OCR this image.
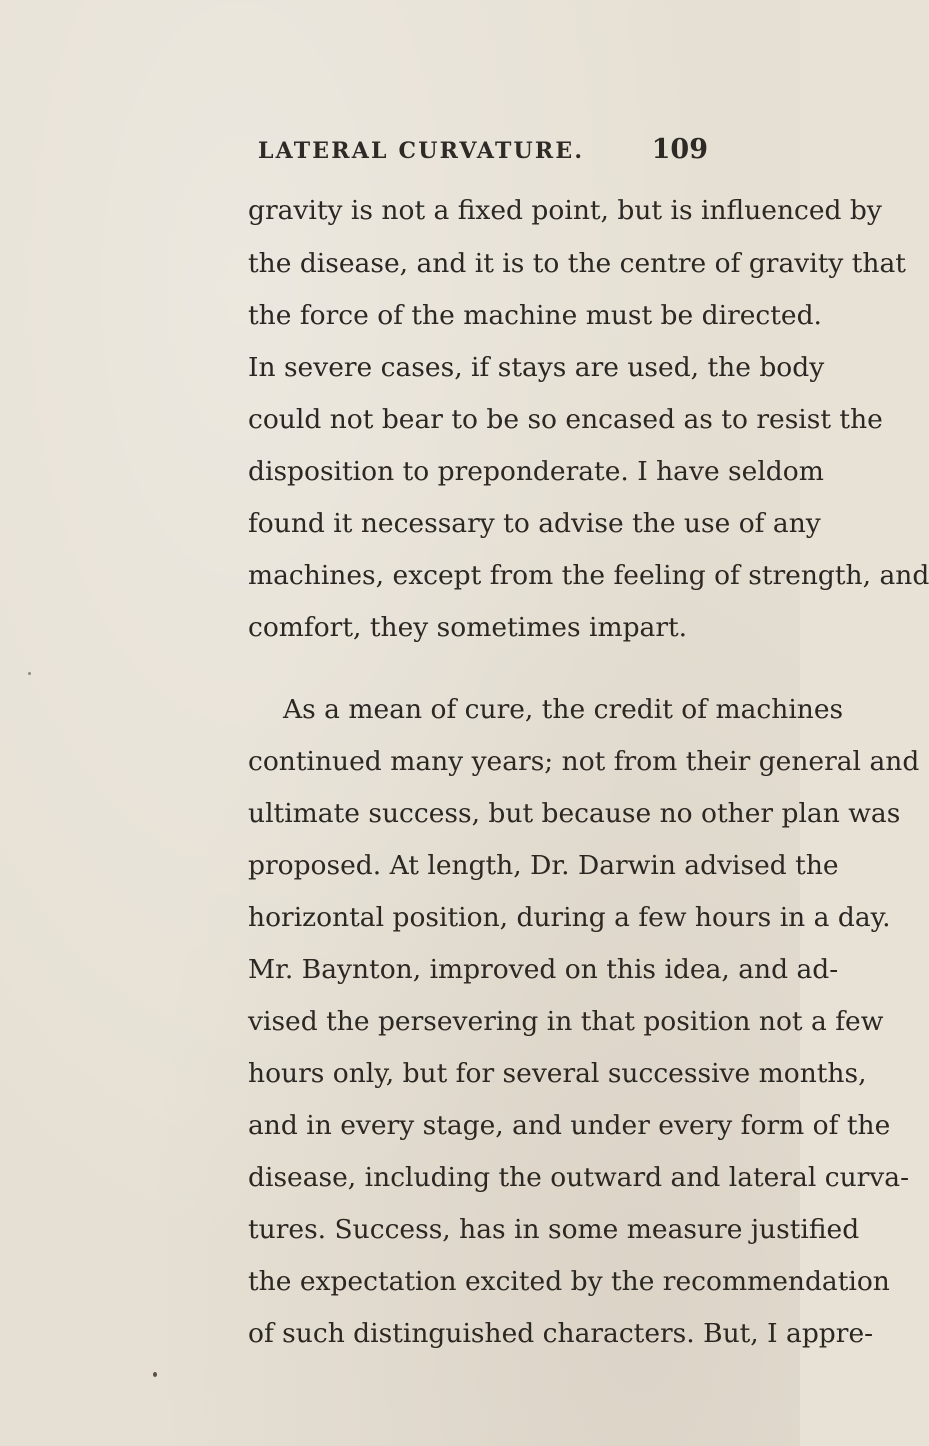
LATERAL CURVATURE. 109
gravity is not a fixed point, but is influenced by
the disease, and it is to the centre of gravity that
the force of the machine must be directed.
In severe cases, if stays are used, the body
could not bear to be so encased as to resist the
disposition to preponderate. I have seldom
found it necessary to advise the use of any
machines, except from the feeling of strength, and
comfort, they sometimes impart.
As a mean of cure, the credit of machines
continued many years; not from their general and
ultimate success, but because no other plan was
proposed. At length, Dr. Darwin advised the
horizontal position, during a few hours in a day.
Mr. Baynton, improved on this idea, and ad-
vised the persevering in that position not a few
hours only, but for several successive months,
and in every stage, and under every form of the
disease, including the outward and lateral curva-
tures. Success, has in some measure justified
the expectation excited by the recommendation
of such distinguished characters. But, I appre-
